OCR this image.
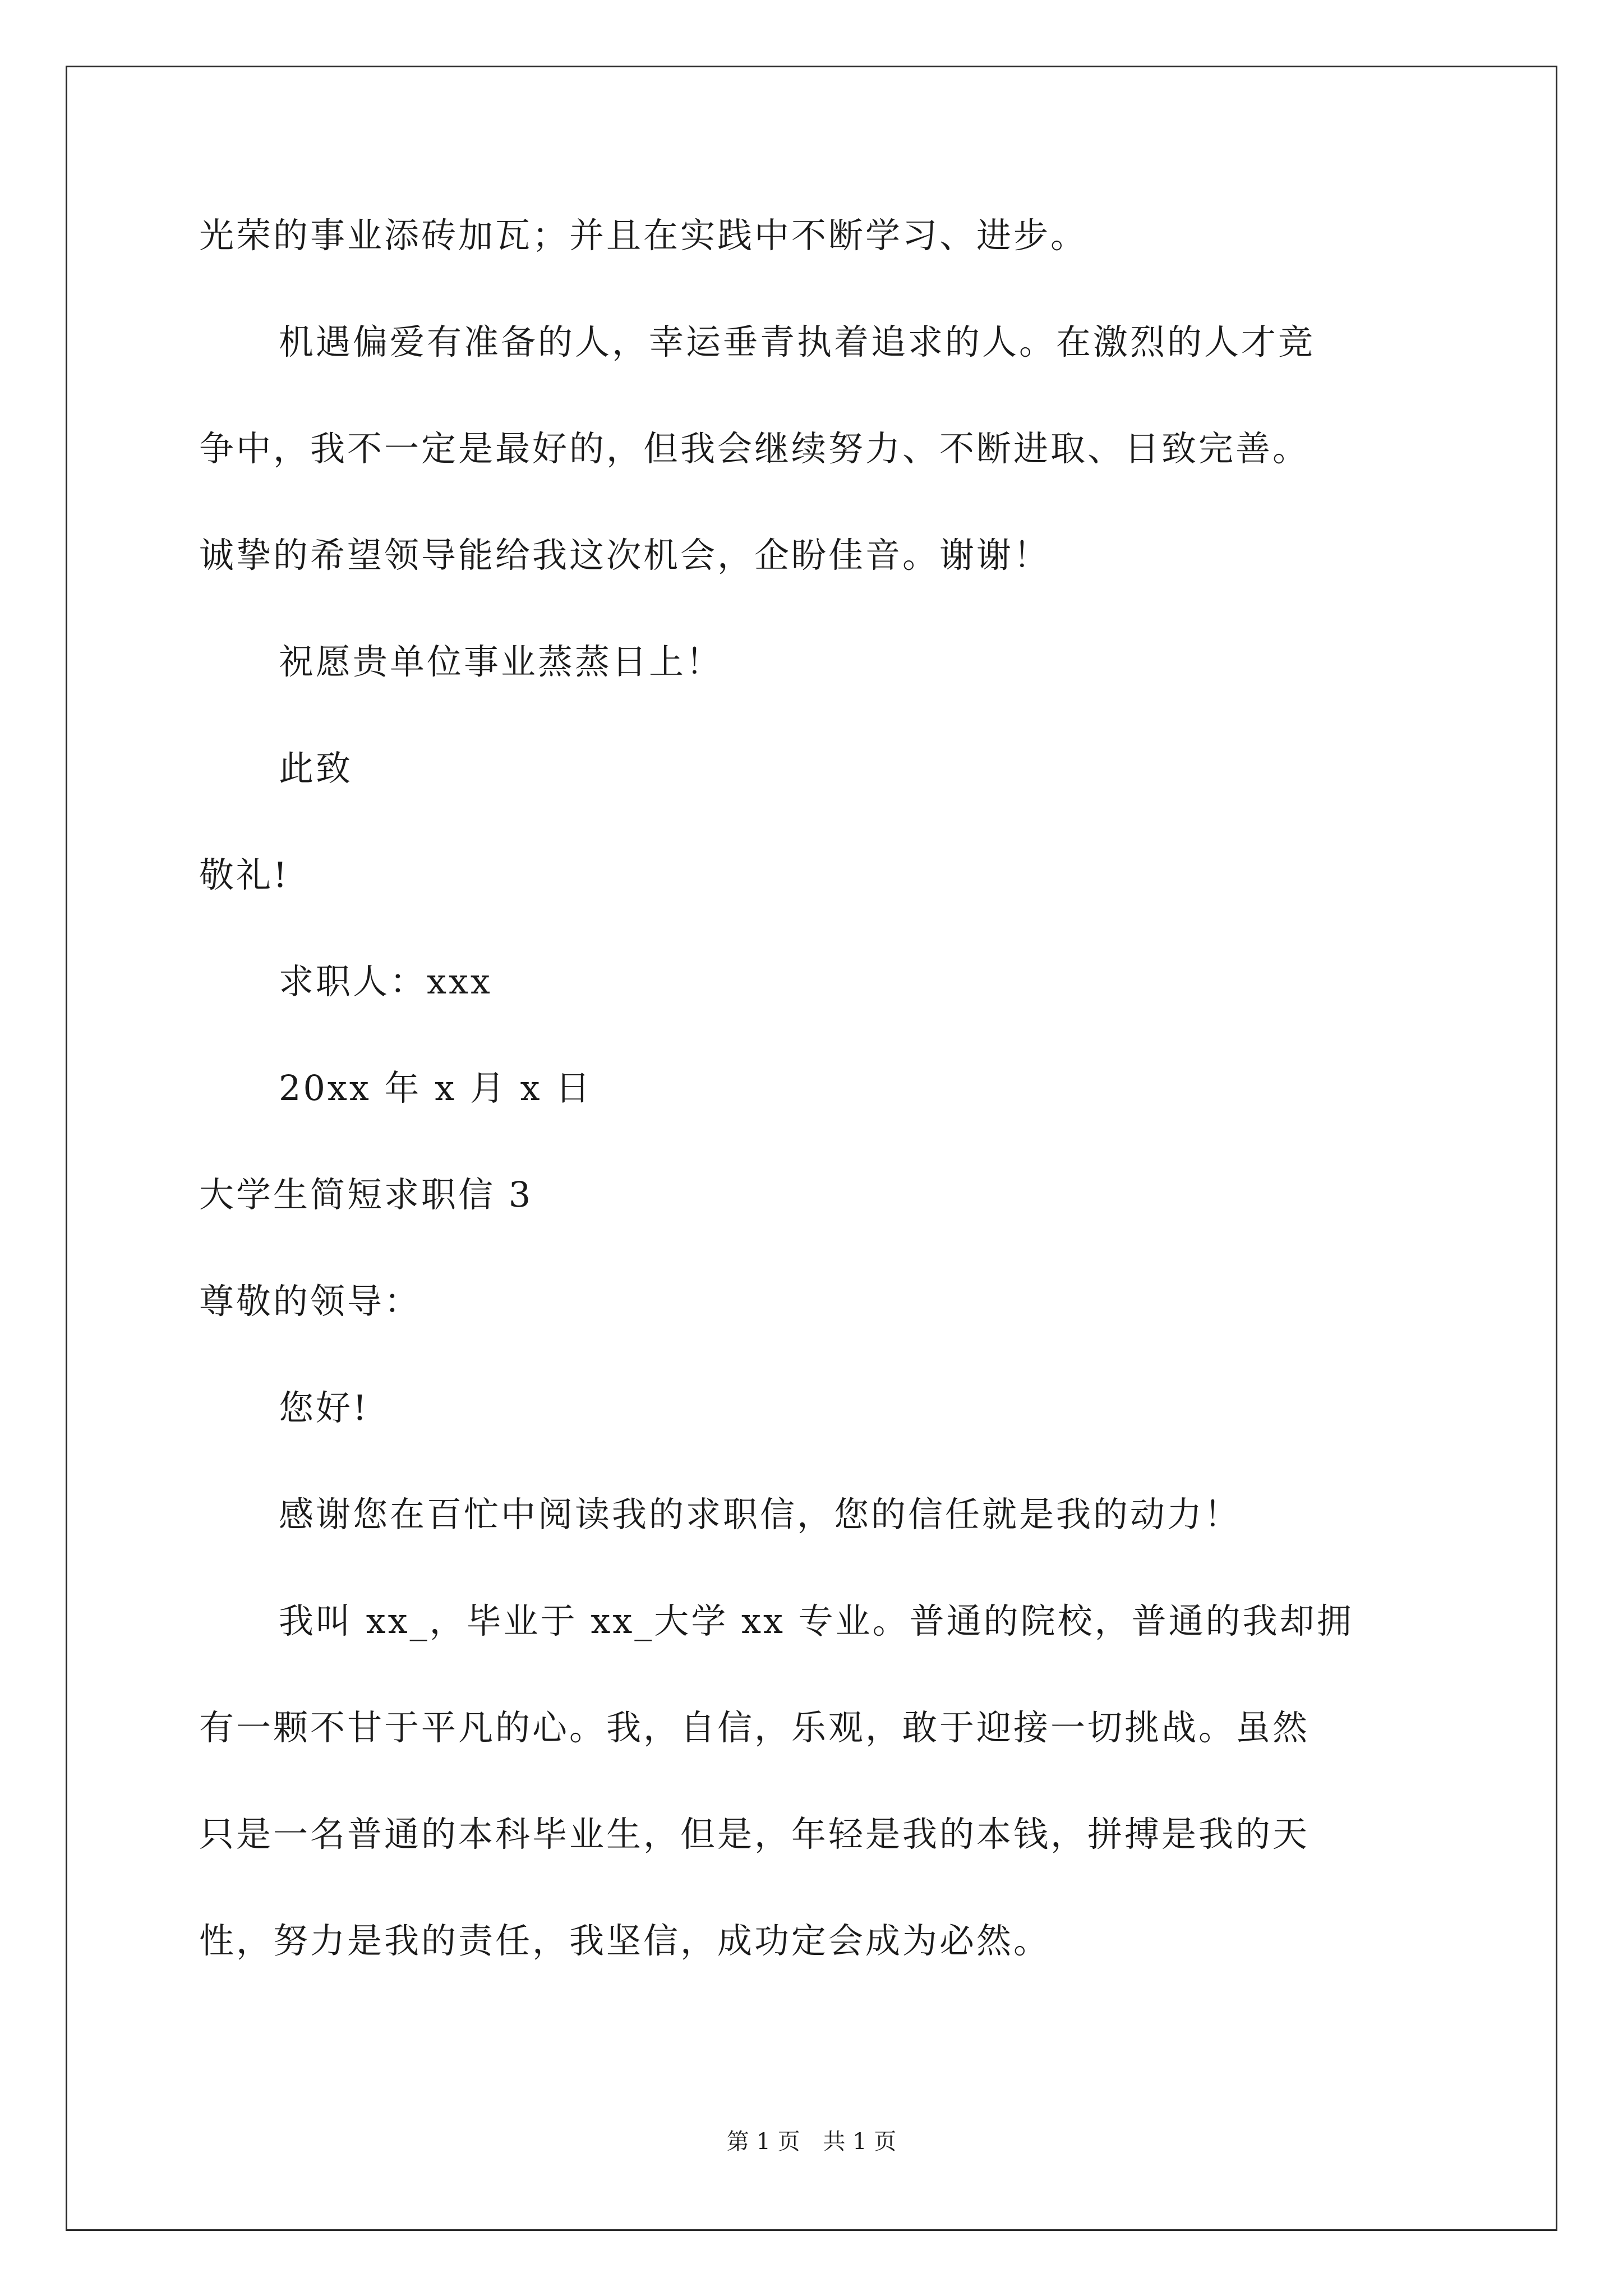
光荣的事业添砖加瓦；并且在实践中不断学习、进步。
机遇偏爱有准备的人，幸运垂青执着追求的人。在激烈的人才竞
争中，我不一定是最好的，但我会继续努力、不断进取、日致完善。
诚挚的希望领导能给我这次机会，企盼佳音。谢谢！
祝愿贵单位事业蒸蒸日上！
此致
敬礼!
求职人：xxx
20xx 年 x 月 x 日
大学生简短求职信 3
尊敬的领导：
您好!
感谢您在百忙中阅读我的求职信，您的信任就是我的动力！
我叫 xx_，毕业于 xx_大学 xx 专业。普通的院校，普通的我却拥
有一颗不甘于平凡的心。我，自信，乐观，敢于迎接一切挑战。虽然
只是一名普通的本科毕业生，但是，年轻是我的本钱，拼搏是我的天
性，努力是我的责任，我坚信，成功定会成为必然。
第 1 页 共 1 页
